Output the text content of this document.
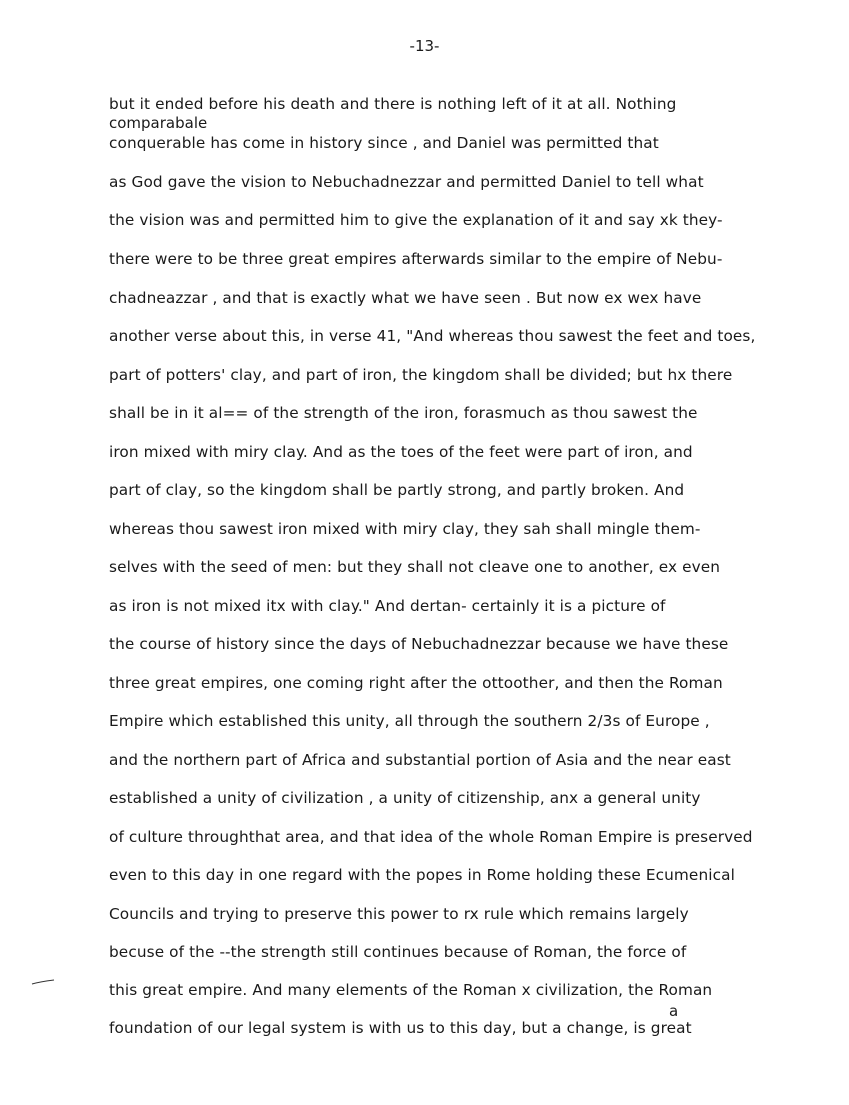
-13-
comparabale
a
but it ended before his death and there is nothing left of it at all. Nothing
conquerable has come in history since , and Daniel was permitted that
as God gave the vision to Nebuchadnezzar and permitted Daniel to tell what
the vision was and permitted him to give the explanation of it and say xk they-
there were to be three great empires afterwards similar to the empire of Nebu-
chadneazzar , and that is exactly what we have seen . But now ex wex have
another verse about this, in verse 41, "And whereas thou sawest the feet and toes,
part of potters' clay, and part of iron, the kingdom shall be divided; but hx there
shall be in it al== of the strength of the iron, forasmuch as thou sawest the
iron mixed with miry clay. And as the toes of the feet were part of iron, and
part of clay, so the kingdom shall be partly strong, and partly broken. And
whereas thou sawest iron mixed with miry clay, they sah shall mingle them-
selves with the seed of men: but they shall not cleave one to another, ex even
as iron is not mixed itx with clay." And dertan- certainly it is a picture of
the course of history since the days of Nebuchadnezzar because we have these
three great empires, one coming right after the ottoother, and then the Roman
Empire which established this unity, all through the southern 2/3s of Europe ,
and the northern part of Africa and substantial portion of Asia and the near east
established a unity of civilization , a unity of citizenship, anx a general unity
of culture throughthat area, and that idea of the whole Roman Empire is preserved
even to this day in one regard with the popes in Rome holding these Ecumenical
Councils and trying to preserve this power to rx rule which remains largely
becuse of the --the strength still continues because of Roman, the force of
this great empire. And many elements of the Roman x civilization, the Roman
foundation of our legal system is with us to this day, but a change, is great
